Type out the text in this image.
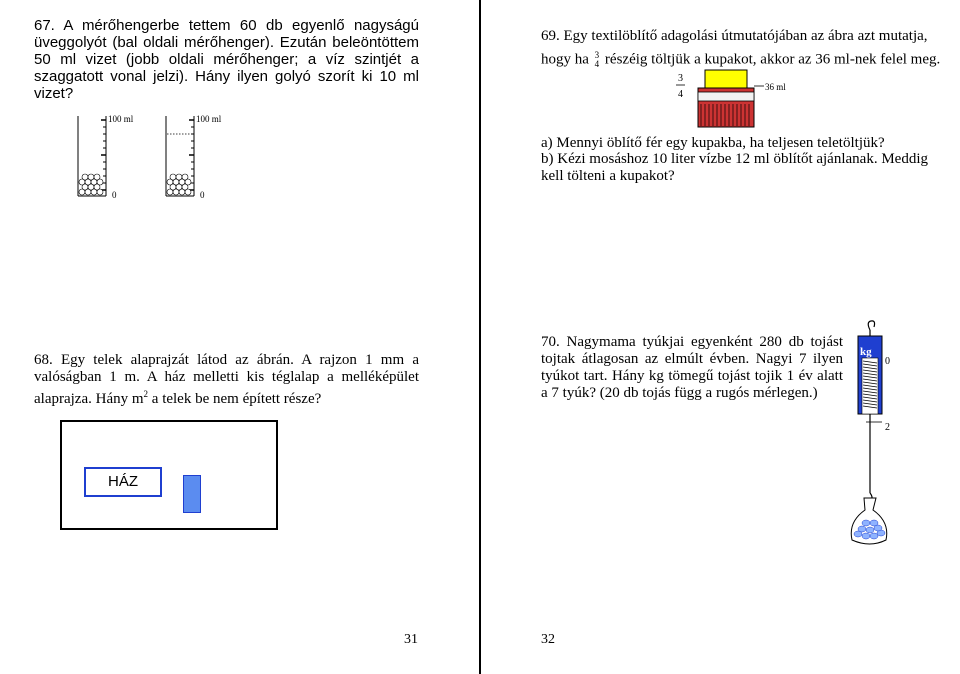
67. A mérőhengerbe tettem 60 db egyenlő nagyságú üveggolyót (bal oldali mérőhenger). Ezután beleöntöttem 50 ml vizet (jobb oldali mérőhenger; a víz szintjét a szaggatott vonal jelzi). Hány ilyen golyó szorít ki 10 ml vizet?
100 ml
0
100 ml
0
69. Egy textilöblítő adagolási útmutatójában az ábra azt mutatja,
hogy ha 3
4 részéig töltjük a kupakot, akkor az 36 ml-nek felel meg.
3
4
36 ml
a) Mennyi öblítő fér egy kupakba, ha teljesen teletöltjük?
b) Kézi mosáshoz 10 liter vízbe 12 ml öblítőt ajánlanak. Meddig kell tölteni a kupakot?
68. Egy telek alaprajzát látod az ábrán. A rajzon 1 mm a valóságban 1 m. A ház melletti kis téglalap a melléképület alaprajza. Hány $m^2$ a telek be nem épített része?
HÁZ
70. Nagymama tyúkjai egyenként 280 db tojást tojtak átlagosan az elmúlt évben. Nagyi 7 ilyen tyúkot tart. Hány kg tömegű tojást tojik 1 év alatt a 7 tyúk? (20 db tojás függ a rugós mérlegen.)
kg
0
2
31	32
